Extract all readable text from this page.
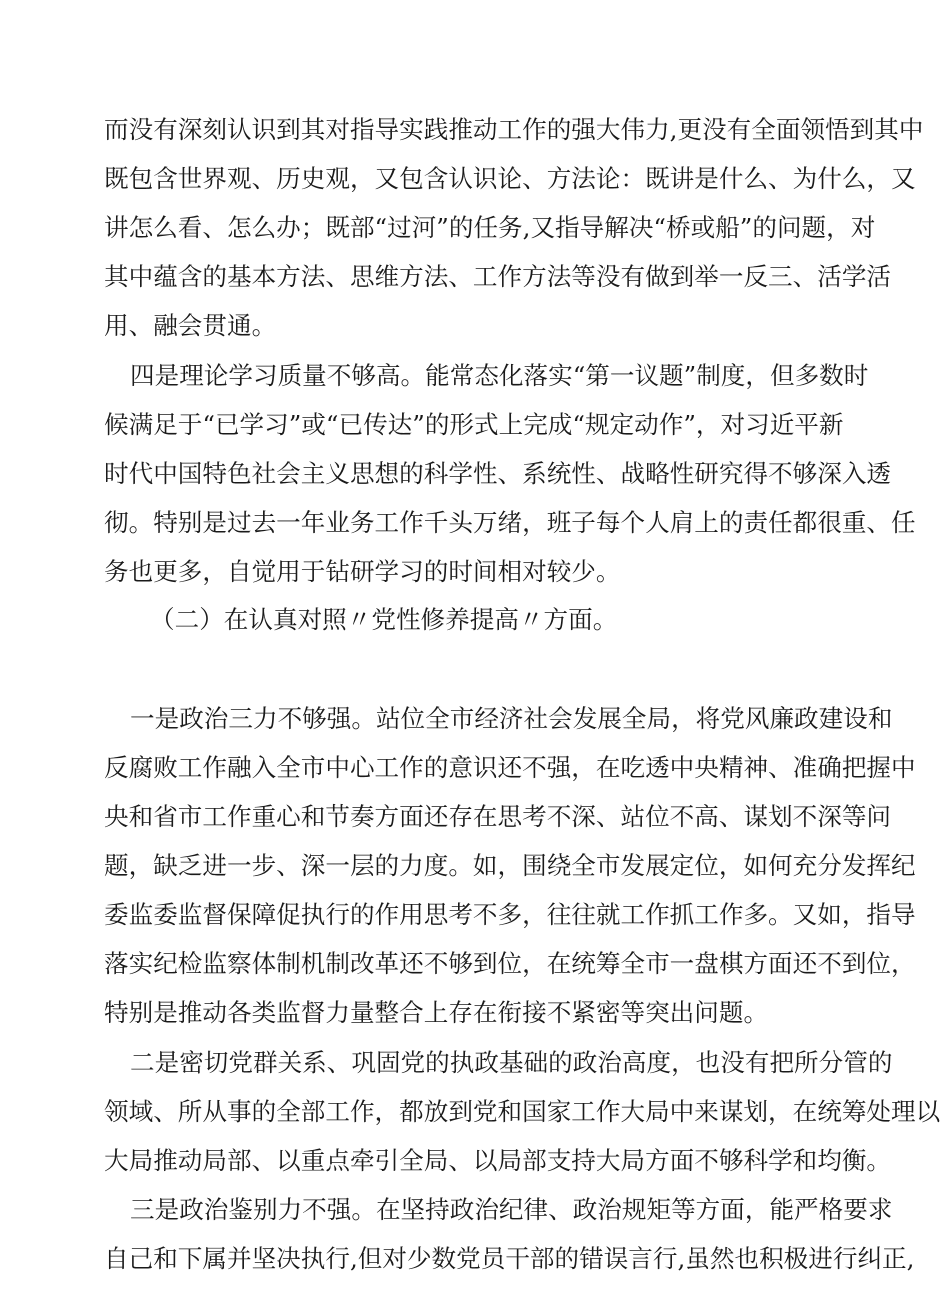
而没有深刻认识到其对指导实践推动工作的强大伟力,更没有全面领悟到其中
既包含世界观、历史观，又包含认识论、方法论：既讲是什么、为什么，又
讲怎么看、怎么办；既部“过河”的任务,又指导解决“桥或船”的问题，对
其中蕴含的基本方法、思维方法、工作方法等没有做到举一反三、活学活
用、融会贯通。
四是理论学习质量不够高。能常态化落实“第一议题”制度，但多数时
候满足于“已学习”或“已传达”的形式上完成“规定动作”，对习近平新
时代中国特色社会主义思想的科学性、系统性、战略性研究得不够深入透
彻。特别是过去一年业务工作千头万绪，班子每个人肩上的责任都很重、任
务也更多，自觉用于钻研学习的时间相对较少。
（二）在认真对照〃党性修养提高〃方面。
一是政治三力不够强。站位全市经济社会发展全局，将党风廉政建设和
反腐败工作融入全市中心工作的意识还不强，在吃透中央精神、准确把握中
央和省市工作重心和节奏方面还存在思考不深、站位不高、谋划不深等问
题，缺乏进一步、深一层的力度。如，围绕全市发展定位，如何充分发挥纪
委监委监督保障促执行的作用思考不多，往往就工作抓工作多。又如，指导
落实纪检监察体制机制改革还不够到位，在统筹全市一盘棋方面还不到位，
特别是推动各类监督力量整合上存在衔接不紧密等突出问题。
二是密切党群关系、巩固党的执政基础的政治高度，也没有把所分管的
领域、所从事的全部工作，都放到党和国家工作大局中来谋划，在统筹处理以
大局推动局部、以重点牵引全局、以局部支持大局方面不够科学和均衡。
三是政治鉴别力不强。在坚持政治纪律、政治规矩等方面，能严格要求
自己和下属并坚决执行,但对少数党员干部的错误言行,虽然也积极进行纠正,
